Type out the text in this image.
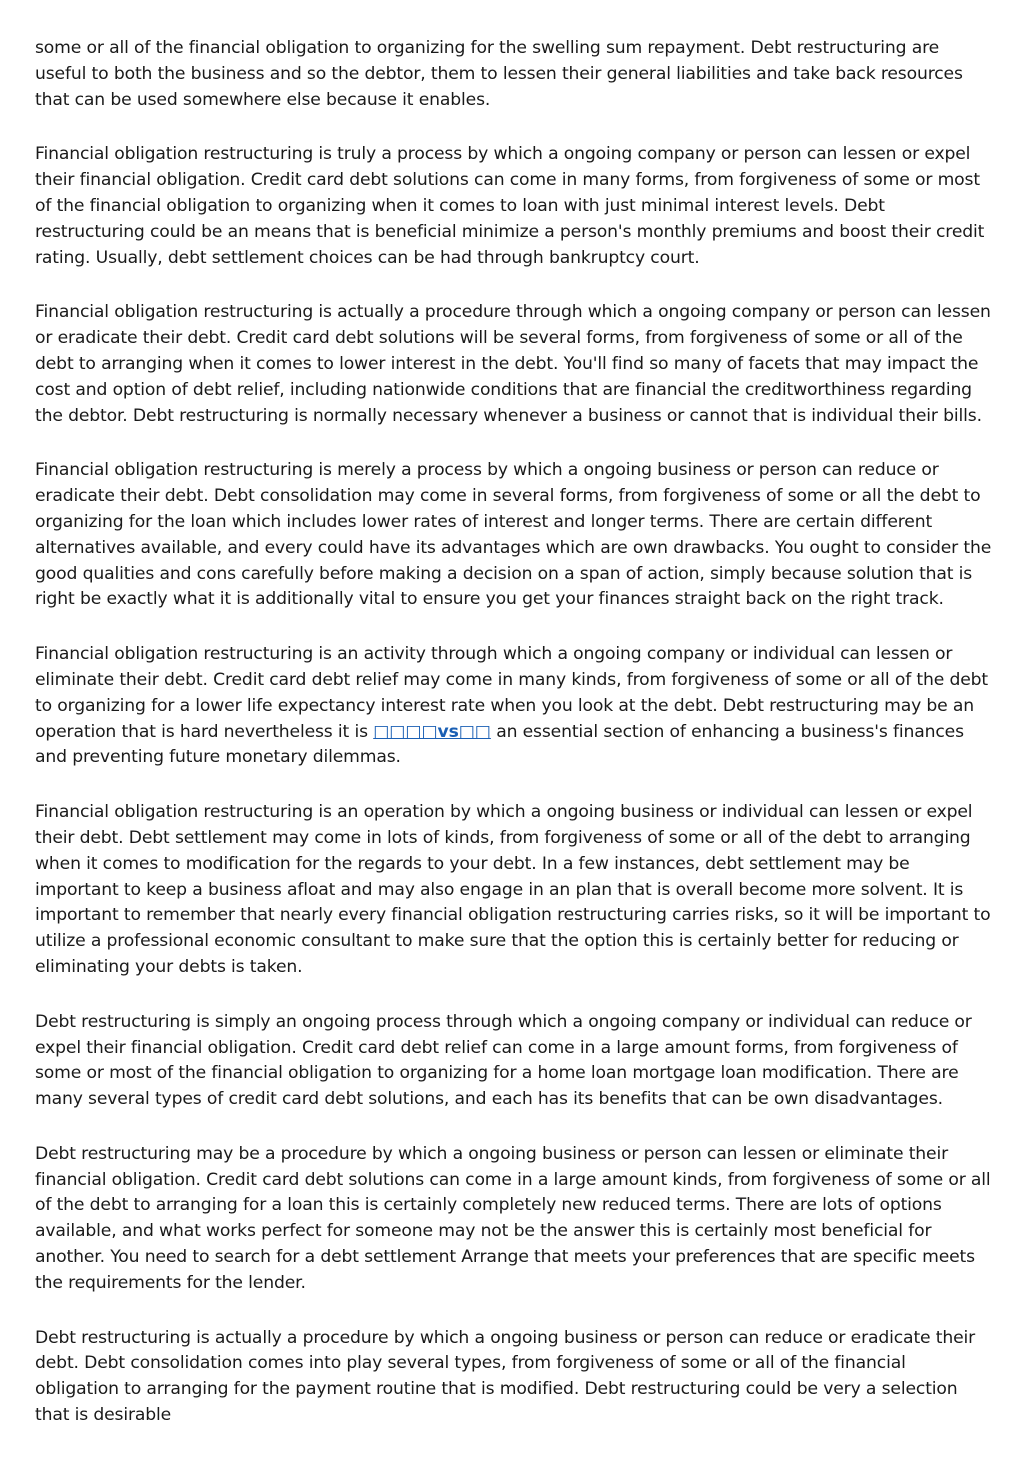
some or all of the financial obligation to organizing for the swelling sum repayment. Debt restructuring are useful to both the business and so the debtor, them to lessen their general liabilities and take back resources that can be used somewhere else because it enables.

Financial obligation restructuring is truly a process by which a ongoing company or person can lessen or expel their financial obligation. Credit card debt solutions can come in many forms, from forgiveness of some or most of the financial obligation to organizing when it comes to loan with just minimal interest levels. Debt restructuring could be an means that is beneficial minimize a person's monthly premiums and boost their credit rating. Usually, debt settlement choices can be had through bankruptcy court.

Financial obligation restructuring is actually a procedure through which a ongoing company or person can lessen or eradicate their debt. Credit card debt solutions will be several forms, from forgiveness of some or all of the debt to arranging when it comes to lower interest in the debt. You'll find so many of facets that may impact the cost and option of debt relief, including nationwide conditions that are financial the creditworthiness regarding the debtor. Debt restructuring is normally necessary whenever a business or cannot that is individual their bills.

Financial obligation restructuring is merely a process by which a ongoing business or person can reduce or eradicate their debt. Debt consolidation may come in several forms, from forgiveness of some or all the debt to organizing for the loan which includes lower rates of interest and longer terms. There are certain different alternatives available, and every could have its advantages which are own drawbacks. You ought to consider the good qualities and cons carefully before making a decision on a span of action, simply because solution that is right be exactly what it is additionally vital to ensure you get your finances straight back on the right track.

Financial obligation restructuring is an activity through which a ongoing company or individual can lessen or eliminate their debt. Credit card debt relief may come in many kinds, from forgiveness of some or all of the debt to organizing for a lower life expectancy interest rate when you look at the debt. Debt restructuring may be an operation that is hard nevertheless it is □□□□vs□□ an essential section of enhancing a business's finances and preventing future monetary dilemmas.

Financial obligation restructuring is an operation by which a ongoing business or individual can lessen or expel their debt. Debt settlement may come in lots of kinds, from forgiveness of some or all of the debt to arranging when it comes to modification for the regards to your debt. In a few instances, debt settlement may be important to keep a business afloat and may also engage in an plan that is overall become more solvent. It is important to remember that nearly every financial obligation restructuring carries risks, so it will be important to utilize a professional economic consultant to make sure that the option this is certainly better for reducing or eliminating your debts is taken.

Debt restructuring is simply an ongoing process through which a ongoing company or individual can reduce or expel their financial obligation. Credit card debt relief can come in a large amount forms, from forgiveness of some or most of the financial obligation to organizing for a home loan mortgage loan modification. There are many several types of credit card debt solutions, and each has its benefits that can be own disadvantages.

Debt restructuring may be a procedure by which a ongoing business or person can lessen or eliminate their financial obligation. Credit card debt solutions can come in a large amount kinds, from forgiveness of some or all of the debt to arranging for a loan this is certainly completely new reduced terms. There are lots of options available, and what works perfect for someone may not be the answer this is certainly most beneficial for another. You need to search for a debt settlement Arrange that meets your preferences that are specific meets the requirements for the lender.

Debt restructuring is actually a procedure by which a ongoing business or person can reduce or eradicate their debt. Debt consolidation comes into play several types, from forgiveness of some or all of the financial obligation to arranging for the payment routine that is modified. Debt restructuring could be very a selection that is desirable
